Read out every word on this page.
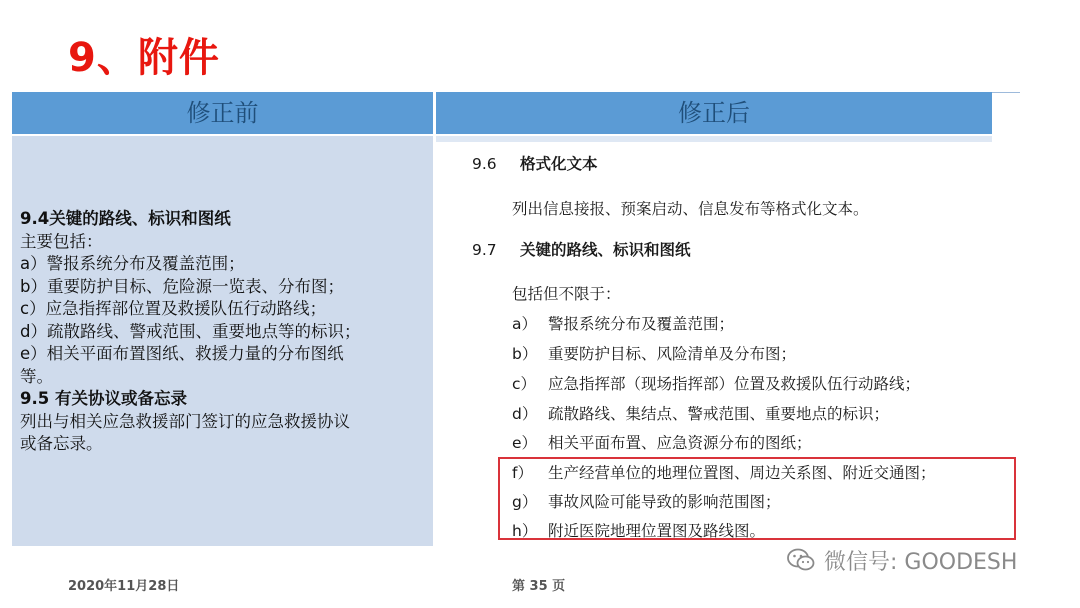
9、附件
修正前	修正后
9.4关键的路线、标识和图纸
主要包括：
a）警报系统分布及覆盖范围；
b）重要防护目标、危险源一览表、分布图；
c）应急指挥部位置及救援队伍行动路线；
d）疏散路线、警戒范围、重要地点等的标识；
e）相关平面布置图纸、救援力量的分布图纸
等。
9.5 有关协议或备忘录
列出与相关应急救援部门签订的应急救援协议
或备忘录。
9.6 格式化文本
列出信息接报、预案启动、信息发布等格式化文本。
9.7 关键的路线、标识和图纸
包括但不限于：
a） 警报系统分布及覆盖范围；
b） 重要防护目标、风险清单及分布图；
c） 应急指挥部（现场指挥部）位置及救援队伍行动路线；
d） 疏散路线、集结点、警戒范围、重要地点的标识；
e） 相关平面布置、应急资源分布的图纸；
f） 生产经营单位的地理位置图、周边关系图、附近交通图；
g） 事故风险可能导致的影响范围图；
h） 附近医院地理位置图及路线图。
2020年11月28日	第 35 页
微信号: GOODESH
